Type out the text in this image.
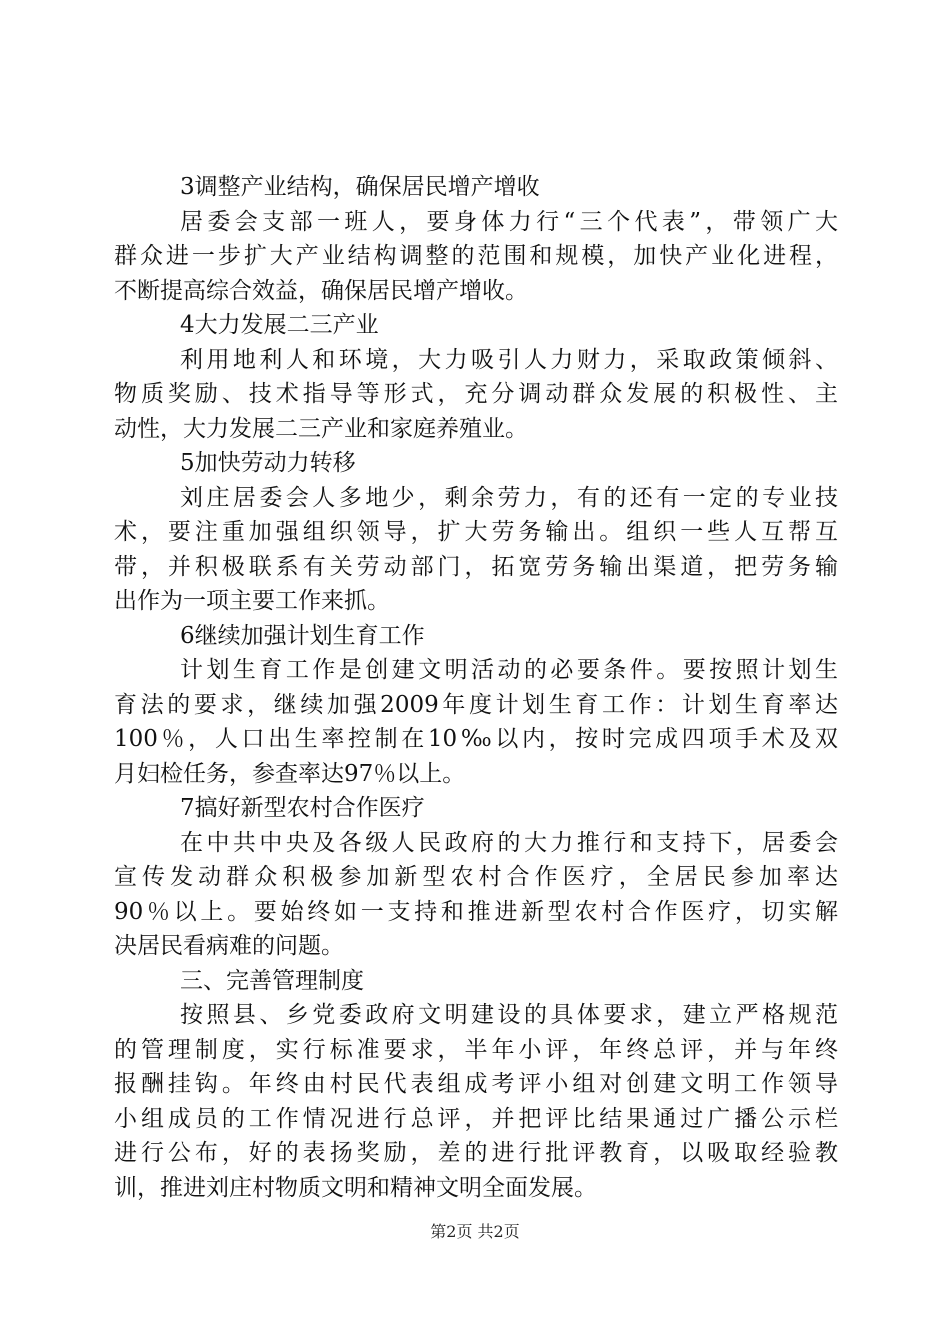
3调整产业结构，确保居民增产增收
居委会支部一班人，要身体力行“三个代表”，带领广大
群众进一步扩大产业结构调整的范围和规模，加快产业化进程，
不断提高综合效益，确保居民增产增收。
4大力发展二三产业
利用地利人和环境，大力吸引人力财力，采取政策倾斜、
物质奖励、技术指导等形式，充分调动群众发展的积极性、主
动性，大力发展二三产业和家庭养殖业。
5加快劳动力转移
刘庄居委会人多地少，剩余劳力，有的还有一定的专业技
术，要注重加强组织领导，扩大劳务输出。组织一些人互帮互
带，并积极联系有关劳动部门，拓宽劳务输出渠道，把劳务输
出作为一项主要工作来抓。
6继续加强计划生育工作
计划生育工作是创建文明活动的必要条件。要按照计划生
育法的要求，继续加强2009年度计划生育工作：计划生育率达
100％，人口出生率控制在10‰以内，按时完成四项手术及双
月妇检任务，参查率达97％以上。
7搞好新型农村合作医疗
在中共中央及各级人民政府的大力推行和支持下，居委会
宣传发动群众积极参加新型农村合作医疗，全居民参加率达
90％以上。要始终如一支持和推进新型农村合作医疗，切实解
决居民看病难的问题。
三、完善管理制度
按照县、乡党委政府文明建设的具体要求，建立严格规范
的管理制度，实行标准要求，半年小评，年终总评，并与年终
报酬挂钩。年终由村民代表组成考评小组对创建文明工作领导
小组成员的工作情况进行总评，并把评比结果通过广播公示栏
进行公布，好的表扬奖励，差的进行批评教育，以吸取经验教
训，推进刘庄村物质文明和精神文明全面发展。
第2页 共2页
